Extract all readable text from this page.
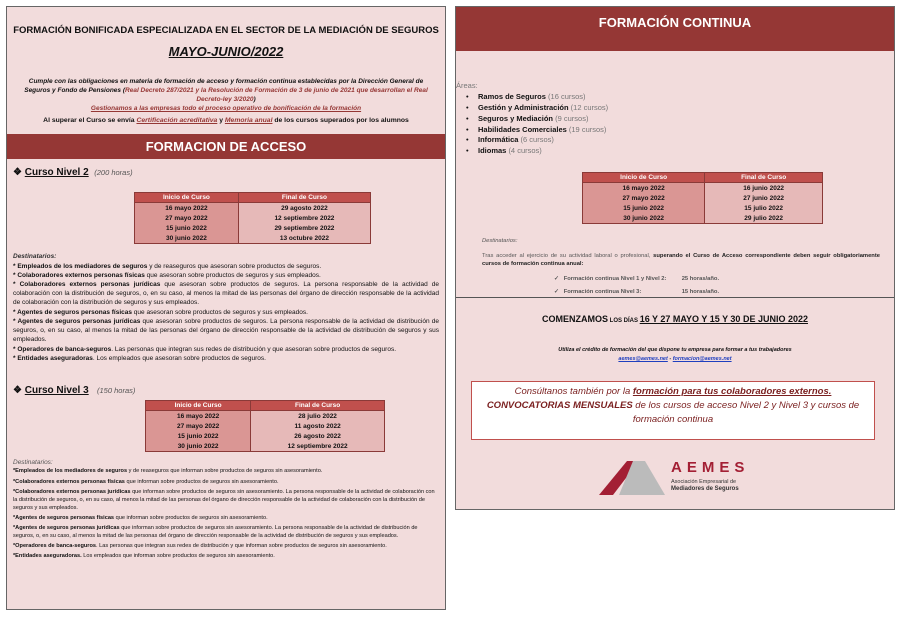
FORMACIÓN BONIFICADA ESPECIALIZADA EN EL SECTOR DE LA MEDIACIÓN DE SEGUROS
MAYO-JUNIO/2022
Cumple con las obligaciones en materia de formación de acceso y formación continua establecidas por la Dirección General de Seguros y Fondo de Pensiones (Real Decreto 287/2021 y la Resolución de Formación de 3 de junio de 2021 que desarrollan el Real Decreto-ley 3/2020)
Gestionamos a las empresas todo el proceso operativo de bonificación de la formación
Al superar el Curso se envía Certificación acreditativa y Memoria anual de los cursos superados por los alumnos
FORMACION DE ACCESO
❖ Curso Nivel 2 (200 horas)
Inicio de Curso	Final de Curso
16 mayo 2022	29 agosto 2022
27 mayo 2022	12 septiembre 2022
15 junio 2022	29 septiembre 2022
30 junio 2022	13 octubre 2022
Destinatarios:

* Empleados de los mediadores de seguros y de reaseguros que asesoran sobre productos de seguros.

* Colaboradores externos personas físicas que asesoran sobre productos de seguros y sus empleados.

* Colaboradores externos personas jurídicas que asesoran sobre productos de seguros. La persona responsable de la actividad de colaboración con la distribución de seguros, o, en su caso, al menos la mitad de las personas del órgano de dirección responsable de la actividad de colaboración con la distribución de seguros y sus empleados.

* Agentes de seguros personas físicas que asesoran sobre productos de seguros y sus empleados.

* Agentes de seguros personas jurídicas que asesoran sobre productos de seguros. La persona responsable de la actividad de distribución de seguros, o, en su caso, al menos la mitad de las personas del órgano de dirección responsable de la actividad de distribución de seguros y sus empleados.

* Operadores de banca-seguros. Las personas que integran sus redes de distribución y que asesoran sobre productos de seguros.

* Entidades aseguradoras. Los empleados que asesoran sobre productos de seguros.

❖ Curso Nivel 3 (150 horas)
Inicio de Curso	Final de Curso
16 mayo 2022	28 julio 2022
27 mayo 2022	11 agosto 2022
15 junio 2022	26 agosto 2022
30 junio 2022	12 septiembre 2022
Destinatarios:

*Empleados de los mediadores de seguros y de reaseguros que informan sobre productos de seguros sin asesoramiento.

*Colaboradores externos personas físicas que informan sobre productos de seguros sin asesoramiento.

*Colaboradores externos personas jurídicas que informan sobre productos de seguros sin asesoramiento. La persona responsable de la actividad de colaboración con la distribución de seguros, o, en su caso, al menos la mitad de las personas del órgano de dirección responsable de la actividad de colaboración con la distribución de seguros y sus empleados.

*Agentes de seguros personas físicas que informan sobre productos de seguros sin asesoramiento.

*Agentes de seguros personas jurídicas que informan sobre productos de seguros sin asesoramiento. La persona responsable de la actividad de distribución de seguros, o, en su caso, al menos la mitad de las personas del órgano de dirección responsable de la actividad de distribución de seguros y sus empleados.

*Operadores de banca-seguros. Las personas que integran sus redes de distribución y que informan sobre productos de seguros sin asesoramiento.

*Entidades aseguradoras. Los empleados que informan sobre productos de seguros sin asesoramiento.

FORMACIÓN CONTINUA
Áreas:
• Ramos de Seguros (16 cursos)
• Gestión y Administración (12 cursos)
• Seguros y Mediación (9 cursos)
• Habilidades Comerciales (19 cursos)
• Informática (6 cursos)
• Idiomas (4 cursos)
Inicio de Curso	Final de Curso
16 mayo 2022	16 junio 2022
27 mayo 2022	27 junio 2022
15 junio 2022	15 julio 2022
30 junio 2022	29 julio 2022
Destinatarios:

Tras acceder al ejercicio de su actividad laboral o profesional, superando el Curso de Acceso correspondiente deben seguir obligatoriamente cursos de formación continua anual:

✓ Formación continua Nivel 1 y Nivel 2:	25 horas/año.
✓ Formación continua Nivel 3:	15 horas/año.
COMENZAMOS LOS DÍAS 16 Y 27 MAYO Y 15 Y 30 DE JUNIO 2022
Utiliza el crédito de formación del que dispone tu empresa para formar a tus trabajadores
aemes@aemes.net - formacion@aemes.net
Consúltanos también por la formación para tus colaboradores externos.
CONVOCATORIAS MENSUALES de los cursos de acceso Nivel 2 y Nivel 3 y cursos de formación continua
AEMES
Asociación Empresarial de
Mediadores de Seguros
